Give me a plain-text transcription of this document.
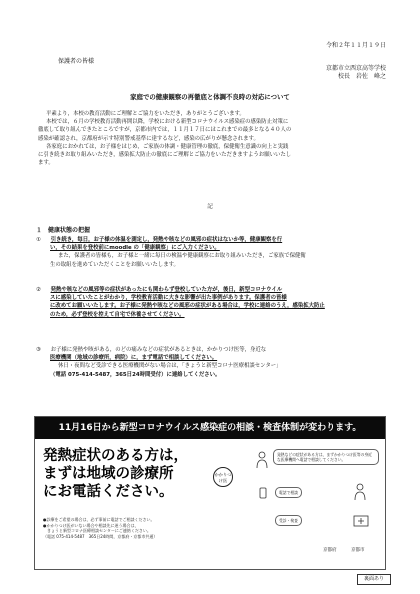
令和２年１１月１９日
保護者の皆様
京都市立西京高等学校
校長　岩佐　峰之
家庭での健康観察の再徹底と体調不良時の対応について
平素より，本校の教育活動にご理解とご協力をいただき，ありがとうございます。
本校では，６月の学校教育活動再開以降，学校における新型コロナウイルス感染症の感染防止対策に
徹底して取り組んできたところですが，京都市内では，１１月１７日にはこれまでの最多となる４０人の
感染が確認され，京都府が示す特別警戒基準に達するなど，感染の広がりが懸念されます。
各家庭におかれては，お子様をはじめ，ご家族の体調・健康管理の徹底，保健衛生意識の向上と実践
に引き続きお取り組みいただき，感染拡大防止の徹底にご理解とご協力をいただきますようお願いいたし
ます。
記
１　健康状態の把握
① 引き続き，毎日，お子様の体温を測定し，発熱や咳などの風邪の症状はないか等，健康観察を行
い，その結果を登校前にmoodle の「健康観察」にご入力ください。
また，保護者の皆様も，お子様と一緒に毎日の検温や健康観察にお取り組みいただき，ご家族で保健衛
生の取組を進めていただくことをお願いいたします。
② 発熱や咳などの風邪等の症状があったにも関わらず登校していた方が，後日，新型コロナウイル
スに感染していたことがわかり，学校教育活動に大きな影響が出た事例があります。保護者の皆様
に改めてお願いいたします。お子様に発熱や咳などの風邪の症状がある場合は，学校に連絡のうえ，感染拡大防止
のため，必ず登校を控えて自宅で休養させてください。
③ お子様に発熱や咳がある，のどの痛みなどの症状があるときは，かかりつけ医等，身近な
医療機関（地域の診療所，病院）に，まず電話で相談してください。
休日・夜間など受診できる医療機関がない場合は，「きょうと新型コロナ医療相談センター」
（電話 075-414-5487，365日24時間受付）に連絡してください。
11月16日から新型コロナウイルス感染症の相談・検査体制が変わります。
発熱症状のある方は，
まずは地域の診療所
にお電話ください。
かかりつけ医
●診療をご希望の場合は，必ず事前に電話でご相談ください。
●かかりつけ医がいない場合や相談先に迷う場合は，
　きょうと新型コロナ医療相談センターにご連絡ください。
（電話 075-414-5487　365日24時間，京都府・京都市共通）
発熱などの症状がある方は，まずかかりつけ医等の身近な医療機関へ電話で相談してください。
電話で相談
受診・検査
京都府	京都市
裏面あり
